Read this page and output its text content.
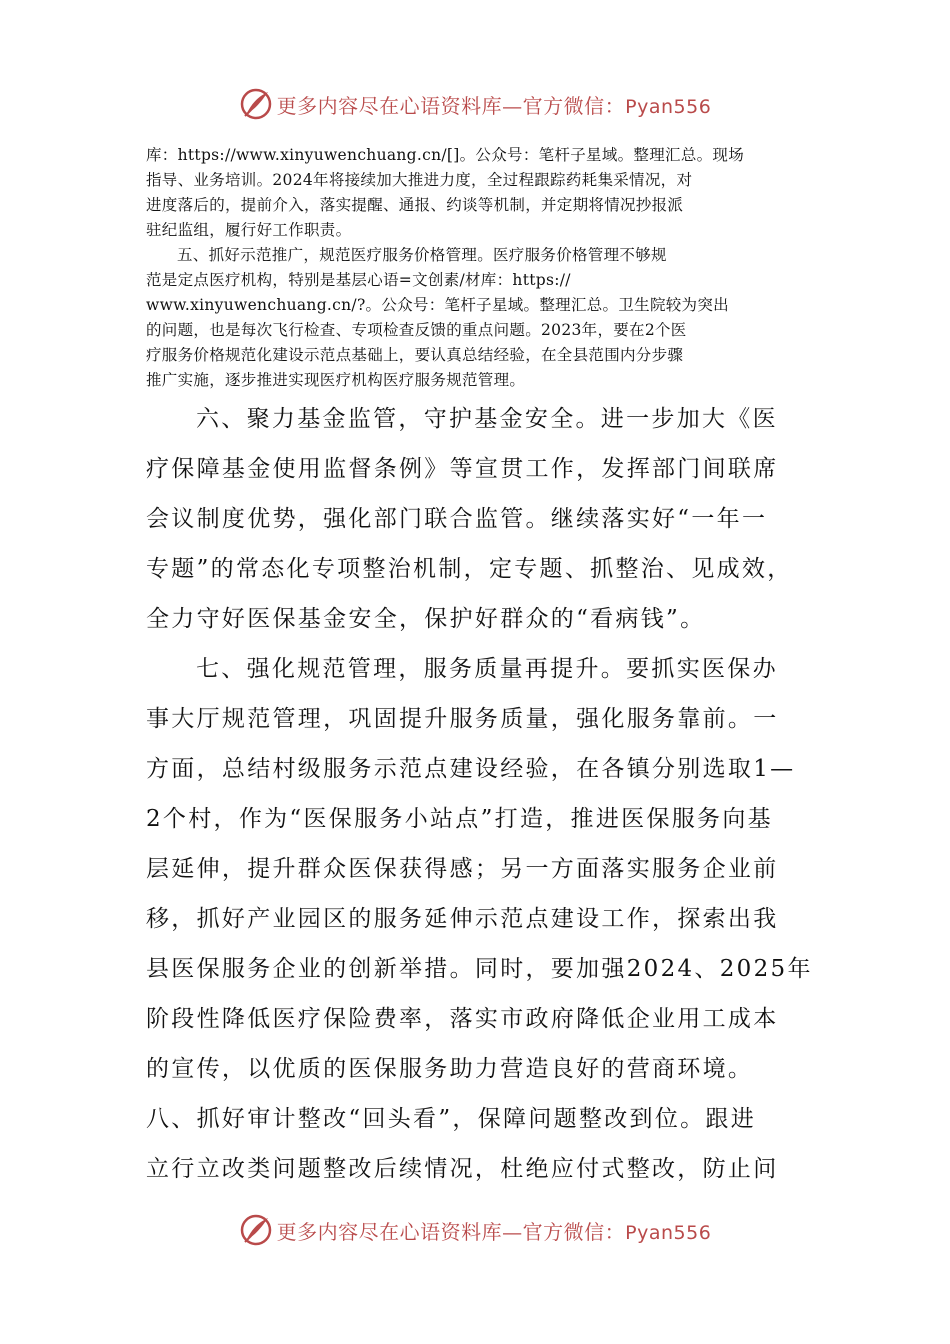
更多内容尽在心语资料库—官方微信：Pyan556

库：https://www.xinyuwenchuang.cn/[]。公众号：笔杆子星域。整理汇总。现场

指导、业务培训。2024年将接续加大推进力度，全过程跟踪药耗集采情况，对

进度落后的，提前介入，落实提醒、通报、约谈等机制，并定期将情况抄报派

驻纪监组，履行好工作职责。

五、抓好示范推广，规范医疗服务价格管理。医疗服务价格管理不够规

范是定点医疗机构，特别是基层心语=文创素/材库：https://

www.xinyuwenchuang.cn/?。公众号：笔杆子星域。整理汇总。卫生院较为突出

的问题，也是每次飞行检查、专项检查反馈的重点问题。2023年，要在2个医

疗服务价格规范化建设示范点基础上，要认真总结经验，在全县范围内分步骤

推广实施，逐步推进实现医疗机构医疗服务规范管理。

六、聚力基金监管，守护基金安全。进一步加大《医

疗保障基金使用监督条例》等宣贯工作，发挥部门间联席

会议制度优势，强化部门联合监管。继续落实好“一年一

专题”的常态化专项整治机制，定专题、抓整治、见成效，

全力守好医保基金安全，保护好群众的“看病钱”。

七、强化规范管理，服务质量再提升。要抓实医保办

事大厅规范管理，巩固提升服务质量，强化服务靠前。一

方面，总结村级服务示范点建设经验，在各镇分别选取1—

2个村，作为“医保服务小站点”打造，推进医保服务向基

层延伸，提升群众医保获得感；另一方面落实服务企业前

移，抓好产业园区的服务延伸示范点建设工作，探索出我

县医保服务企业的创新举措。同时，要加强2024、2025年

阶段性降低医疗保险费率，落实市政府降低企业用工成本

的宣传，以优质的医保服务助力营造良好的营商环境。

八、抓好审计整改“回头看”，保障问题整改到位。跟进

立行立改类问题整改后续情况，杜绝应付式整改，防止问

更多内容尽在心语资料库—官方微信：Pyan556
